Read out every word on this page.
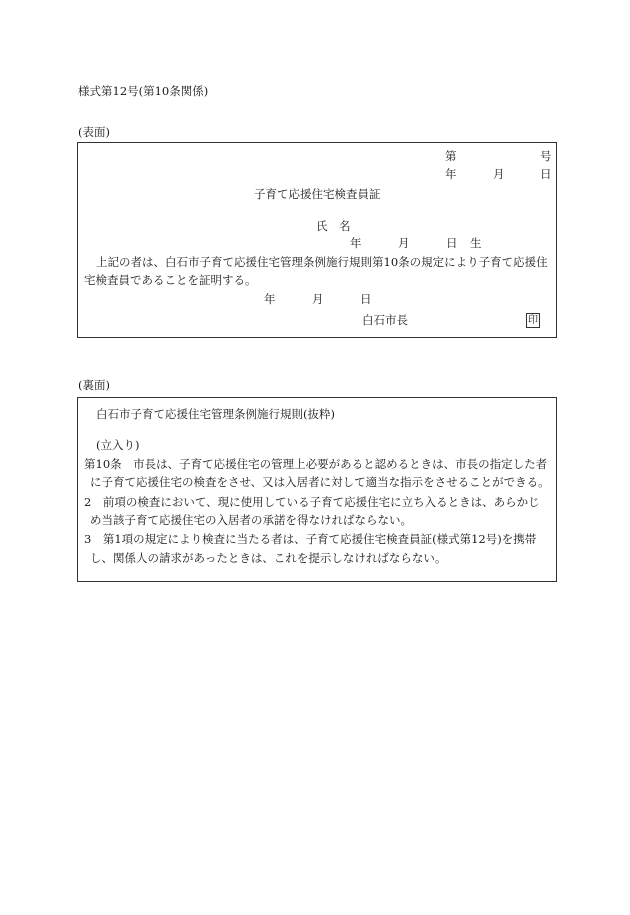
様式第12号(第10条関係)
(表面)
第	号
年	月	日
子育て応援住宅検査員証
氏　名
年	月	日 生
上記の者は、白石市子育て応援住宅管理条例施行規則第10条の規定により子育て応援住
宅検査員であることを証明する。
年	月	日
白石市長	印
(裏面)
白石市子育て応援住宅管理条例施行規則(抜粋)
(立入り)
第10条　市長は、子育て応援住宅の管理上必要があると認めるときは、市長の指定した者
に子育て応援住宅の検査をさせ、又は入居者に対して適当な指示をさせることができる。
2　前項の検査において、現に使用している子育て応援住宅に立ち入るときは、あらかじ
め当該子育て応援住宅の入居者の承諾を得なければならない。
3　第1項の規定により検査に当たる者は、子育て応援住宅検査員証(様式第12号)を携帯
し、関係人の請求があったときは、これを提示しなければならない。
